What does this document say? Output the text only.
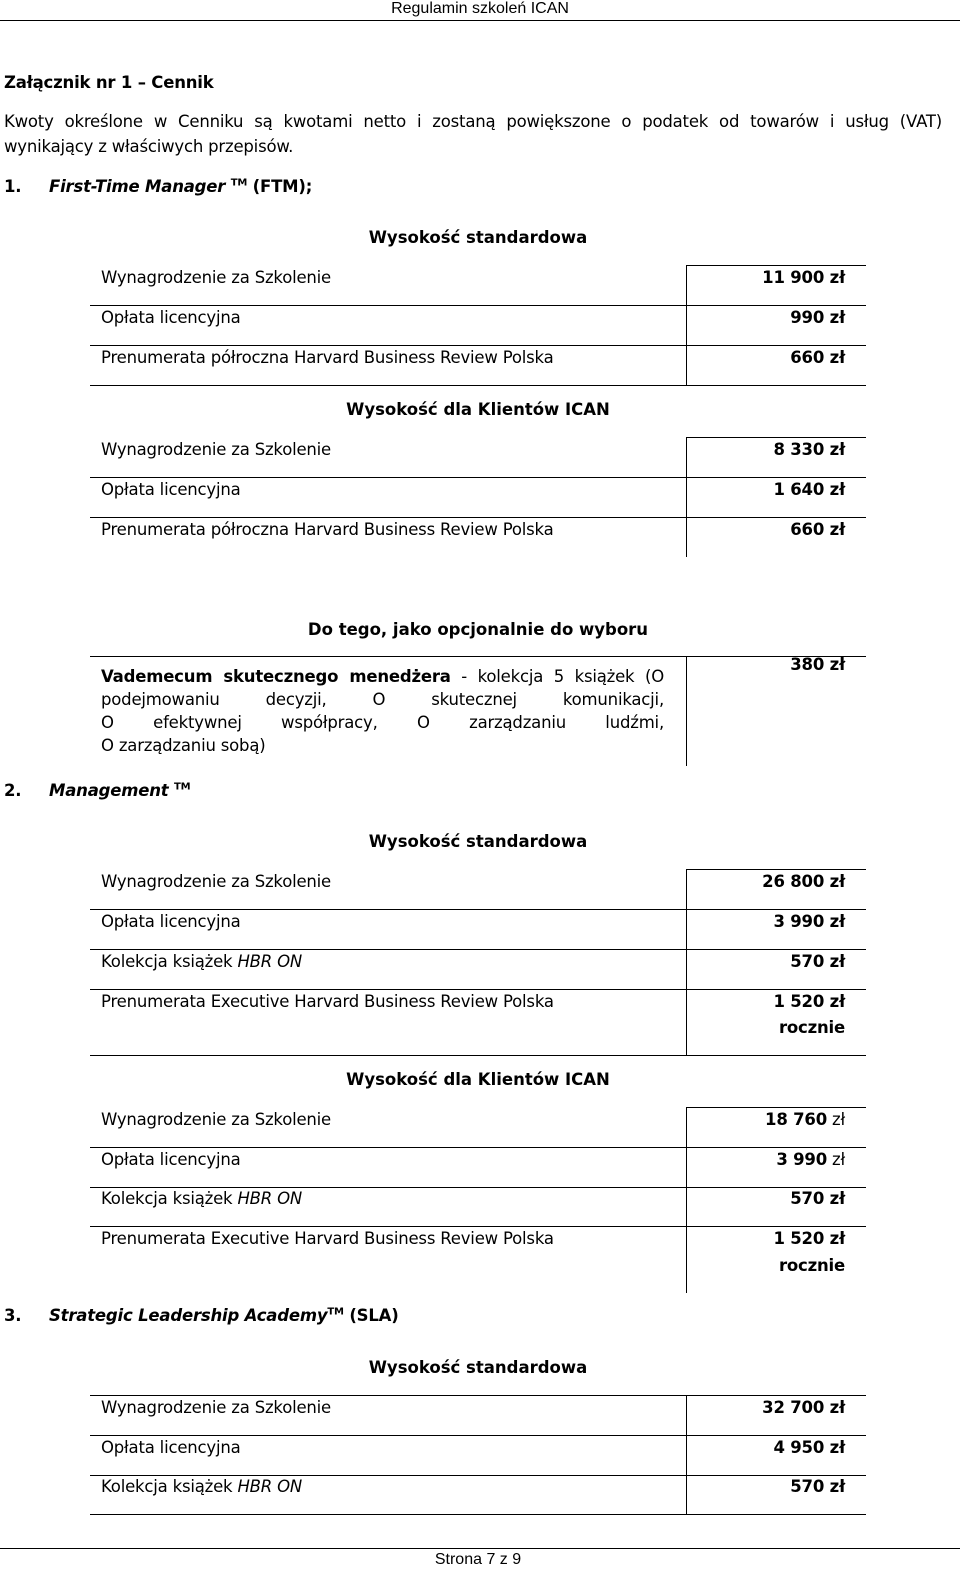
Regulamin szkoleń ICAN
Załącznik nr 1 – Cennik
Kwoty określone w Cenniku są kwotami netto i zostaną powiększone o podatek od towarów i usług (VAT)
wynikający z właściwych przepisów.
1. First-Time Manager ™ (FTM);
Wysokość standardowa
Wynagrodzenie za Szkolenie	11 900 zł
Opłata licencyjna	990 zł
Prenumerata półroczna Harvard Business Review Polska	660 zł
Wysokość dla Klientów ICAN
Wynagrodzenie za Szkolenie	8 330 zł
Opłata licencyjna	1 640 zł
Prenumerata półroczna Harvard Business Review Polska	660 zł
Do tego, jako opcjonalnie do wyboru
Vademecum skutecznego menedżera - kolekcja 5 książek (O
podejmowaniu decyzji, O skutecznej komunikacji,
O efektywnej współpracy, O zarządzaniu ludźmi,
O zarządzaniu sobą)
380 zł
2. Management ™
Wysokość standardowa
Wynagrodzenie za Szkolenie	26 800 zł
Opłata licencyjna	3 990 zł
Kolekcja książek HBR ON	570 zł
Prenumerata Executive Harvard Business Review Polska	1 520 zł
rocznie
Wysokość dla Klientów ICAN
Wynagrodzenie za Szkolenie	18 760 zł
Opłata licencyjna	3 990 zł
Kolekcja książek HBR ON	570 zł
Prenumerata Executive Harvard Business Review Polska	1 520 zł
rocznie
3. Strategic Leadership Academy™ (SLA)
Wysokość standardowa
Wynagrodzenie za Szkolenie	32 700 zł
Opłata licencyjna	4 950 zł
Kolekcja książek HBR ON	570 zł
Strona 7 z 9
